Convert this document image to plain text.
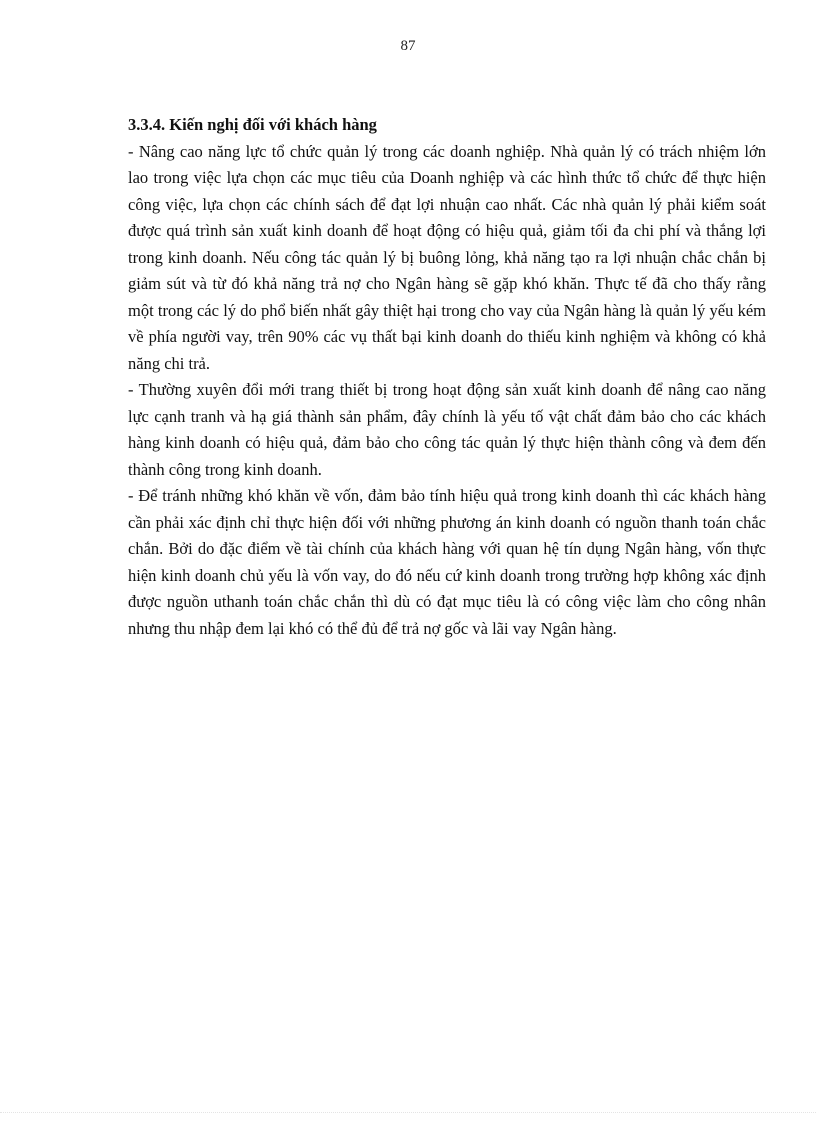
87

3.3.4. Kiến nghị đối với khách hàng

- Nâng cao năng lực tổ chức quản lý trong các doanh nghiệp. Nhà quản lý có trách nhiệm lớn lao trong việc lựa chọn các mục tiêu của Doanh nghiệp và các hình thức tổ chức để thực hiện công việc, lựa chọn các chính sách để đạt lợi nhuận cao nhất. Các nhà quản lý phải kiểm soát được quá trình sản xuất kinh doanh để hoạt động có hiệu quả, giảm tối đa chi phí và thắng lợi trong kinh doanh. Nếu công tác quản lý bị buông lỏng, khả năng tạo ra lợi nhuận chắc chắn bị giảm sút và từ đó khả năng trả nợ cho Ngân hàng sẽ gặp khó khăn. Thực tế đã cho thấy rằng một trong các lý do phổ biến nhất gây thiệt hại trong cho vay của Ngân hàng là quản lý yếu kém về phía người vay, trên 90% các vụ thất bại kinh doanh do thiếu kinh nghiệm và không có khả năng chi trả.

- Thường xuyên đổi mới trang thiết bị trong hoạt động sản xuất kinh doanh để nâng cao năng lực cạnh tranh và hạ giá thành sản phẩm, đây chính là yếu tố vật chất đảm bảo cho các khách hàng kinh doanh có hiệu quả, đảm bảo cho công tác quản lý thực hiện thành công và đem đến thành công trong kinh doanh.

- Để tránh những khó khăn về vốn, đảm bảo tính hiệu quả trong kinh doanh thì các khách hàng cần phải xác định chỉ thực hiện đối với những phương án kinh doanh có nguồn thanh toán chắc chắn. Bởi do đặc điểm về tài chính của khách hàng với quan hệ tín dụng Ngân hàng, vốn thực hiện kinh doanh chủ yếu là vốn vay, do đó nếu cứ kinh doanh trong trường hợp không xác định được nguồn uthanh toán chắc chắn thì dù có đạt mục tiêu là có công việc làm cho công nhân nhưng thu nhập đem lại khó có thể đủ để trả nợ gốc và lãi vay Ngân hàng.
